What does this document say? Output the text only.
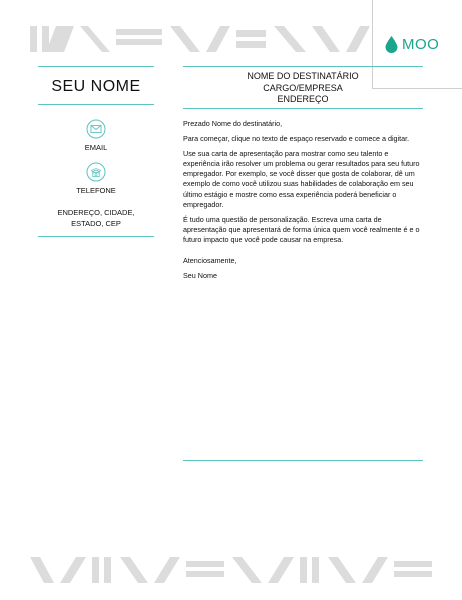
MOO
SEU NOME
EMAIL
TELEFONE
ENDEREÇO, CIDADE,
ESTADO, CEP
NOME DO DESTINATÁRIO
CARGO/EMPRESA
ENDEREÇO

Prezado Nome do destinatário,

Para começar, clique no texto de espaço reservado e comece a digitar.

Use sua carta de apresentação para mostrar como seu talento e experiência irão resolver um problema ou gerar resultados para seu futuro empregador. Por exemplo, se você disser que gosta de colaborar, dê um exemplo de como você utilizou suas habilidades de colaboração em seu último estágio e mostre como essa experiência poderá beneficiar o empregador.

É tudo uma questão de personalização. Escreva uma carta de apresentação que apresentará de forma única quem você realmente é e o futuro impacto que você pode causar na empresa.

Atenciosamente,

Seu Nome
